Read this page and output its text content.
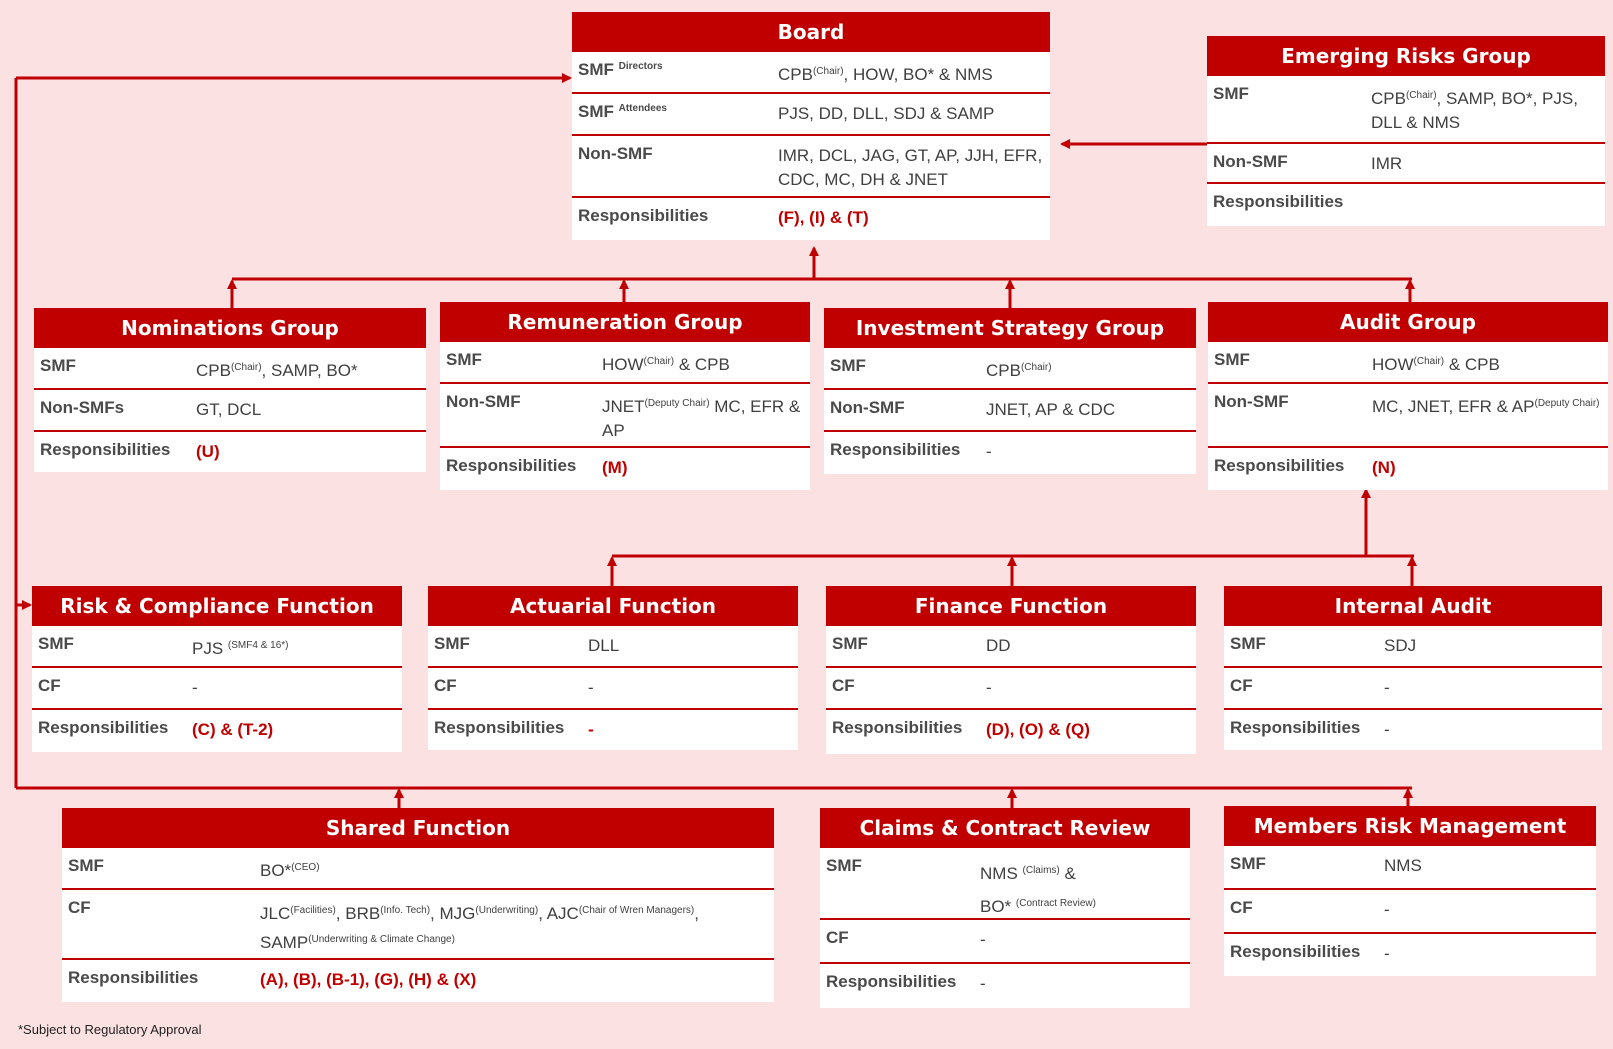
Board
SMF $^{Directors}$	$CPB^{(Chair)}$, HOW, BO* & NMS
SMF $^{Attendees}$	PJS, DD, DLL, SDJ & SAMP
Non-SMF	IMR, DCL, JAG, GT, AP, JJH, EFR, CDC, MC, DH & JNET
Responsibilities	(F), (I) & (T)
Emerging Risks Group
SMF	$CPB^{(Chair)}$, SAMP, BO*, PJS, DLL & NMS
Non-SMF	IMR
Responsibilities
Nominations Group
SMF	$CPB^{(Chair)}$, SAMP, BO*
Non-SMFs	GT, DCL
Responsibilities	(U)
Remuneration Group
SMF	$HOW^{(Chair)}$ & CPB
Non-SMF	$JNET^{(Deputy Chair)}$ MC, EFR & AP
Responsibilities	(M)
Investment Strategy Group
SMF	$CPB^{(Chair)}$
Non-SMF	JNET, AP & CDC
Responsibilities	-
Audit Group
SMF	$HOW^{(Chair)}$ & CPB
Non-SMF	MC, JNET, EFR & $AP^{(Deputy Chair)}$
Responsibilities	(N)
Risk & Compliance Function
SMF	PJS $^{(SMF4 \& 16*)}$
CF	-
Responsibilities	(C) & (T-2)
Actuarial Function
SMF	DLL
CF	-
Responsibilities	-
Finance Function
SMF	DD
CF	-
Responsibilities	(D), (O) & (Q)
Internal Audit
SMF	SDJ
CF	-
Responsibilities	-
Shared Function
SMF	BO*$^{(CEO)}$
CF	$JLC^{(Facilities)}$, $BRB^{(Info. Tech)}$, $MJG^{(Underwriting)}$, $AJC^{(Chair of Wren Managers)}$, $SAMP^{(Underwriting \& Climate Change)}$
Responsibilities	(A), (B), (B-1), (G), (H) & (X)
Claims & Contract Review
SMF	NMS $^{(Claims)}$ &
BO* $^{(Contract Review)}$
CF	-
Responsibilities	-
Members Risk Management
SMF	NMS
CF	-
Responsibilities	-
*Subject to Regulatory Approval
